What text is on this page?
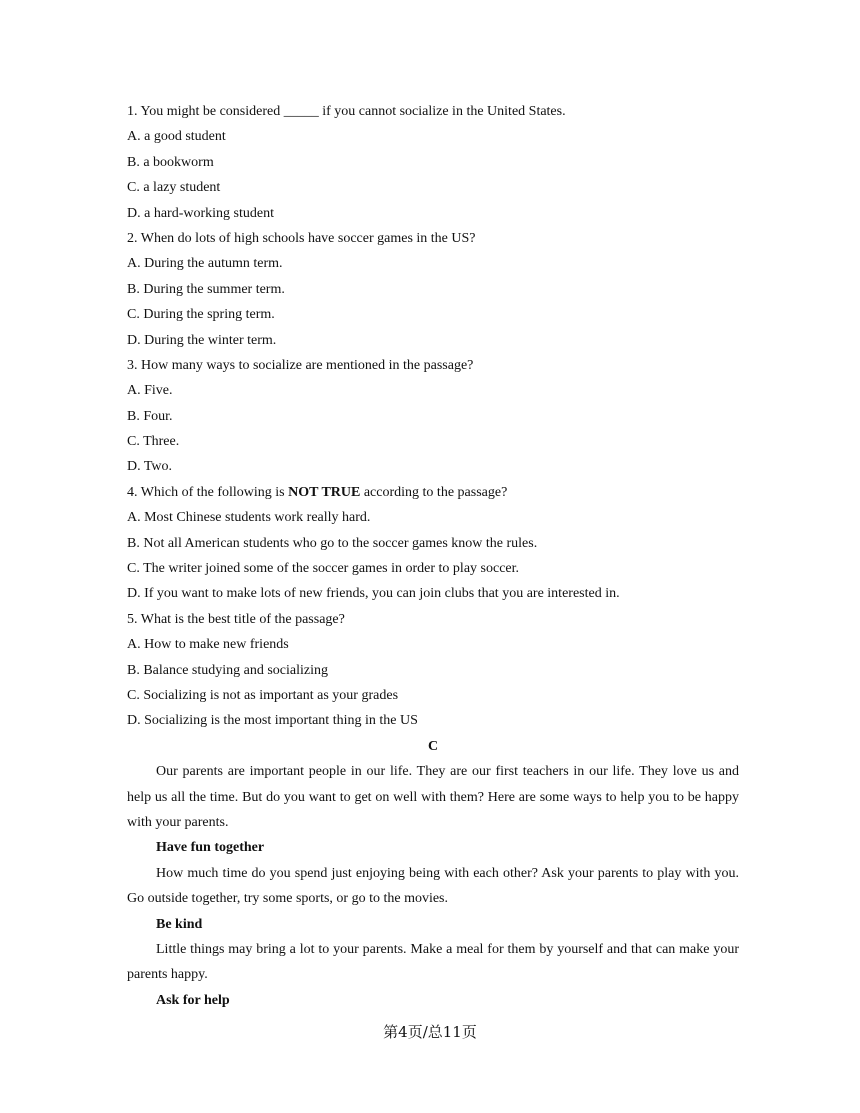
1. You might be considered _____ if you cannot socialize in the United States.
A. a good student
B. a bookworm
C. a lazy student
D. a hard-working student
2. When do lots of high schools have soccer games in the US?
A. During the autumn term.
B. During the summer term.
C. During the spring term.
D. During the winter term.
3. How many ways to socialize are mentioned in the passage?
A. Five.
B. Four.
C. Three.
D. Two.
4. Which of the following is NOT TRUE according to the passage?
A. Most Chinese students work really hard.
B. Not all American students who go to the soccer games know the rules.
C. The writer joined some of the soccer games in order to play soccer.
D. If you want to make lots of new friends, you can join clubs that you are interested in.
5. What is the best title of the passage?
A. How to make new friends
B. Balance studying and socializing
C. Socializing is not as important as your grades
D. Socializing is the most important thing in the US
C
Our parents are important people in our life. They are our first teachers in our life. They love us and help us all the time. But do you want to get on well with them? Here are some ways to help you to be happy with your parents.
Have fun together
How much time do you spend just enjoying being with each other? Ask your parents to play with you. Go outside together, try some sports, or go to the movies.
Be kind
Little things may bring a lot to your parents. Make a meal for them by yourself and that can make your parents happy.
Ask for help
第4页/总11页
